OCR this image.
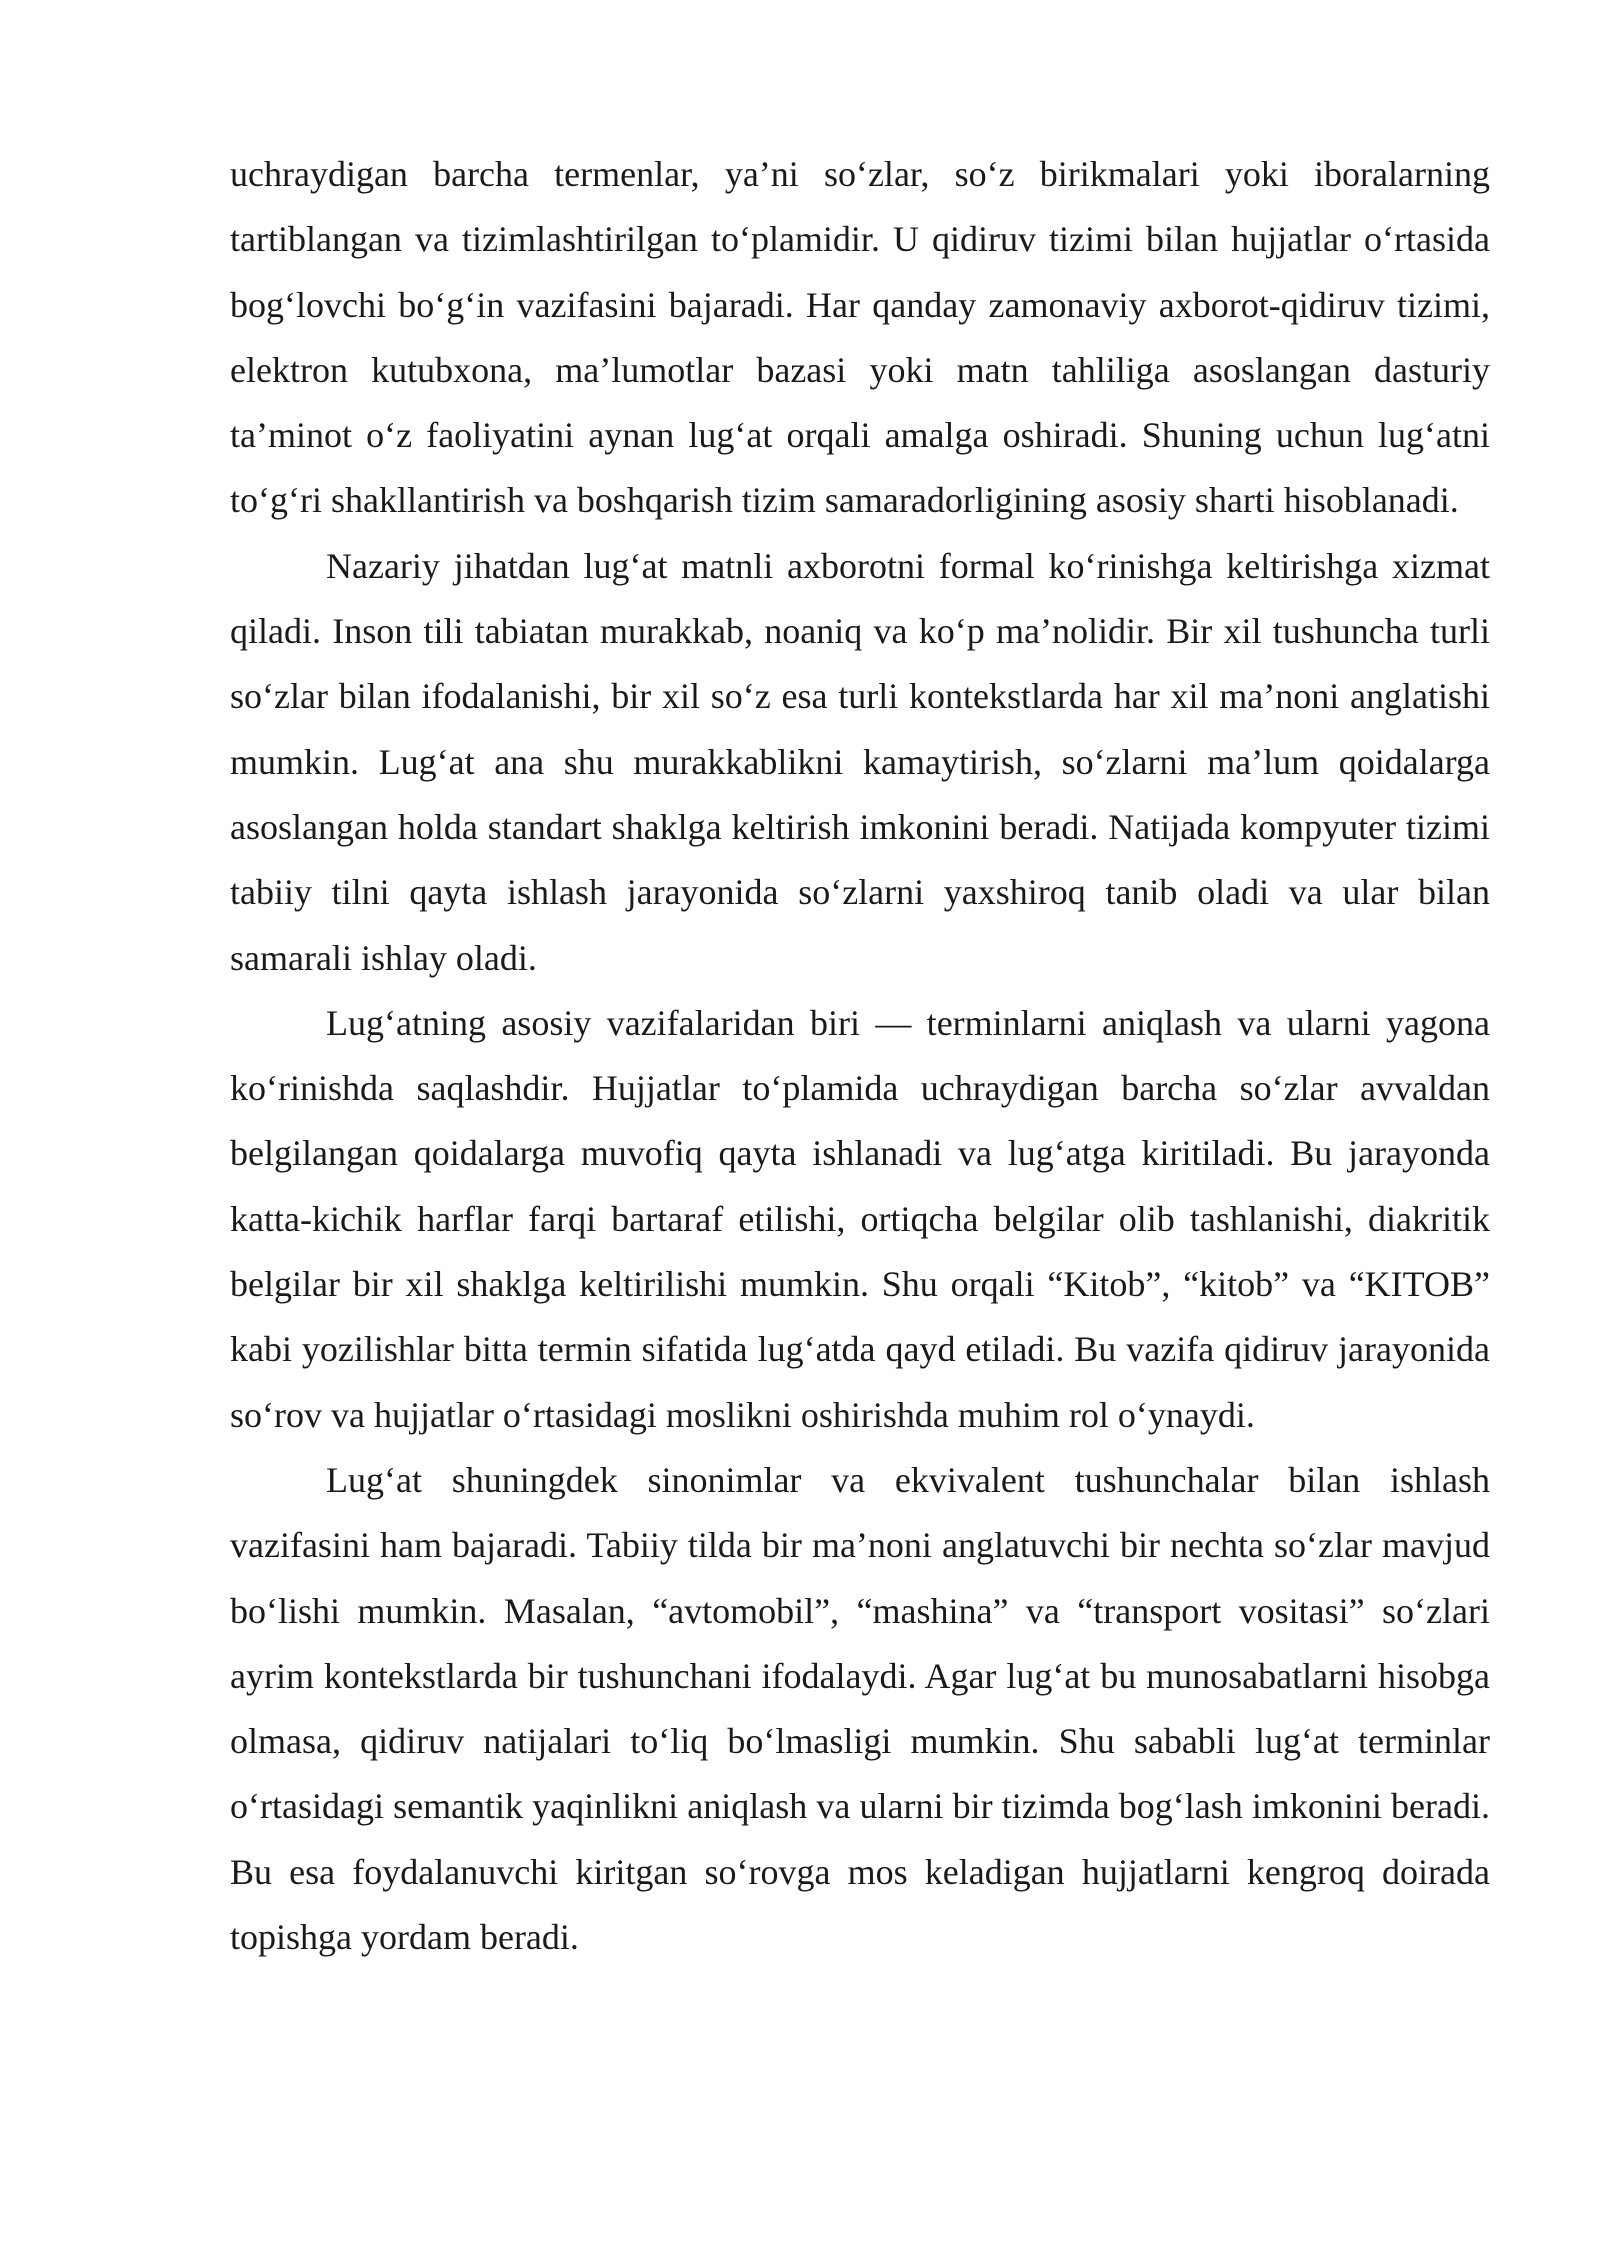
uchraydigan barcha termenlar, ya’ni so‘zlar, so‘z birikmalari yoki iboralarning tartiblangan va tizimlashtirilgan to‘plamidir. U qidiruv tizimi bilan hujjatlar o‘rtasida bog‘lovchi bo‘g‘in vazifasini bajaradi. Har qanday zamonaviy axborot-qidiruv tizimi, elektron kutubxona, ma’lumotlar bazasi yoki matn tahliliga asoslangan dasturiy ta’minot o‘z faoliyatini aynan lug‘at orqali amalga oshiradi. Shuning uchun lug‘atni to‘g‘ri shakllantirish va boshqarish tizim samaradorligining asosiy sharti hisoblanadi.

Nazariy jihatdan lug‘at matnli axborotni formal ko‘rinishga keltirishga xizmat qiladi. Inson tili tabiatan murakkab, noaniq va ko‘p ma’nolidir. Bir xil tushuncha turli so‘zlar bilan ifodalanishi, bir xil so‘z esa turli kontekstlarda har xil ma’noni anglatishi mumkin. Lug‘at ana shu murakkablikni kamaytirish, so‘zlarni ma’lum qoidalarga asoslangan holda standart shaklga keltirish imkonini beradi. Natijada kompyuter tizimi tabiiy tilni qayta ishlash jarayonida so‘zlarni yaxshiroq tanib oladi va ular bilan samarali ishlay oladi.

Lug‘atning asosiy vazifalaridan biri — terminlarni aniqlash va ularni yagona ko‘rinishda saqlashdir. Hujjatlar to‘plamida uchraydigan barcha so‘zlar avvaldan belgilangan qoidalarga muvofiq qayta ishlanadi va lug‘atga kiritiladi. Bu jarayonda katta-kichik harflar farqi bartaraf etilishi, ortiqcha belgilar olib tashlanishi, diakritik belgilar bir xil shaklga keltirilishi mumkin. Shu orqali “Kitob”, “kitob” va “KITOB” kabi yozilishlar bitta termin sifatida lug‘atda qayd etiladi. Bu vazifa qidiruv jarayonida so‘rov va hujjatlar o‘rtasidagi moslikni oshirishda muhim rol o‘ynaydi.

Lug‘at shuningdek sinonimlar va ekvivalent tushunchalar bilan ishlash vazifasini ham bajaradi. Tabiiy tilda bir ma’noni anglatuvchi bir nechta so‘zlar mavjud bo‘lishi mumkin. Masalan, “avtomobil”, “mashina” va “transport vositasi” so‘zlari ayrim kontekstlarda bir tushunchani ifodalaydi. Agar lug‘at bu munosabatlarni hisobga olmasa, qidiruv natijalari to‘liq bo‘lmasligi mumkin. Shu sababli lug‘at terminlar o‘rtasidagi semantik yaqinlikni aniqlash va ularni bir tizimda bog‘lash imkonini beradi. Bu esa foydalanuvchi kiritgan so‘rovga mos keladigan hujjatlarni kengroq doirada topishga yordam beradi.
